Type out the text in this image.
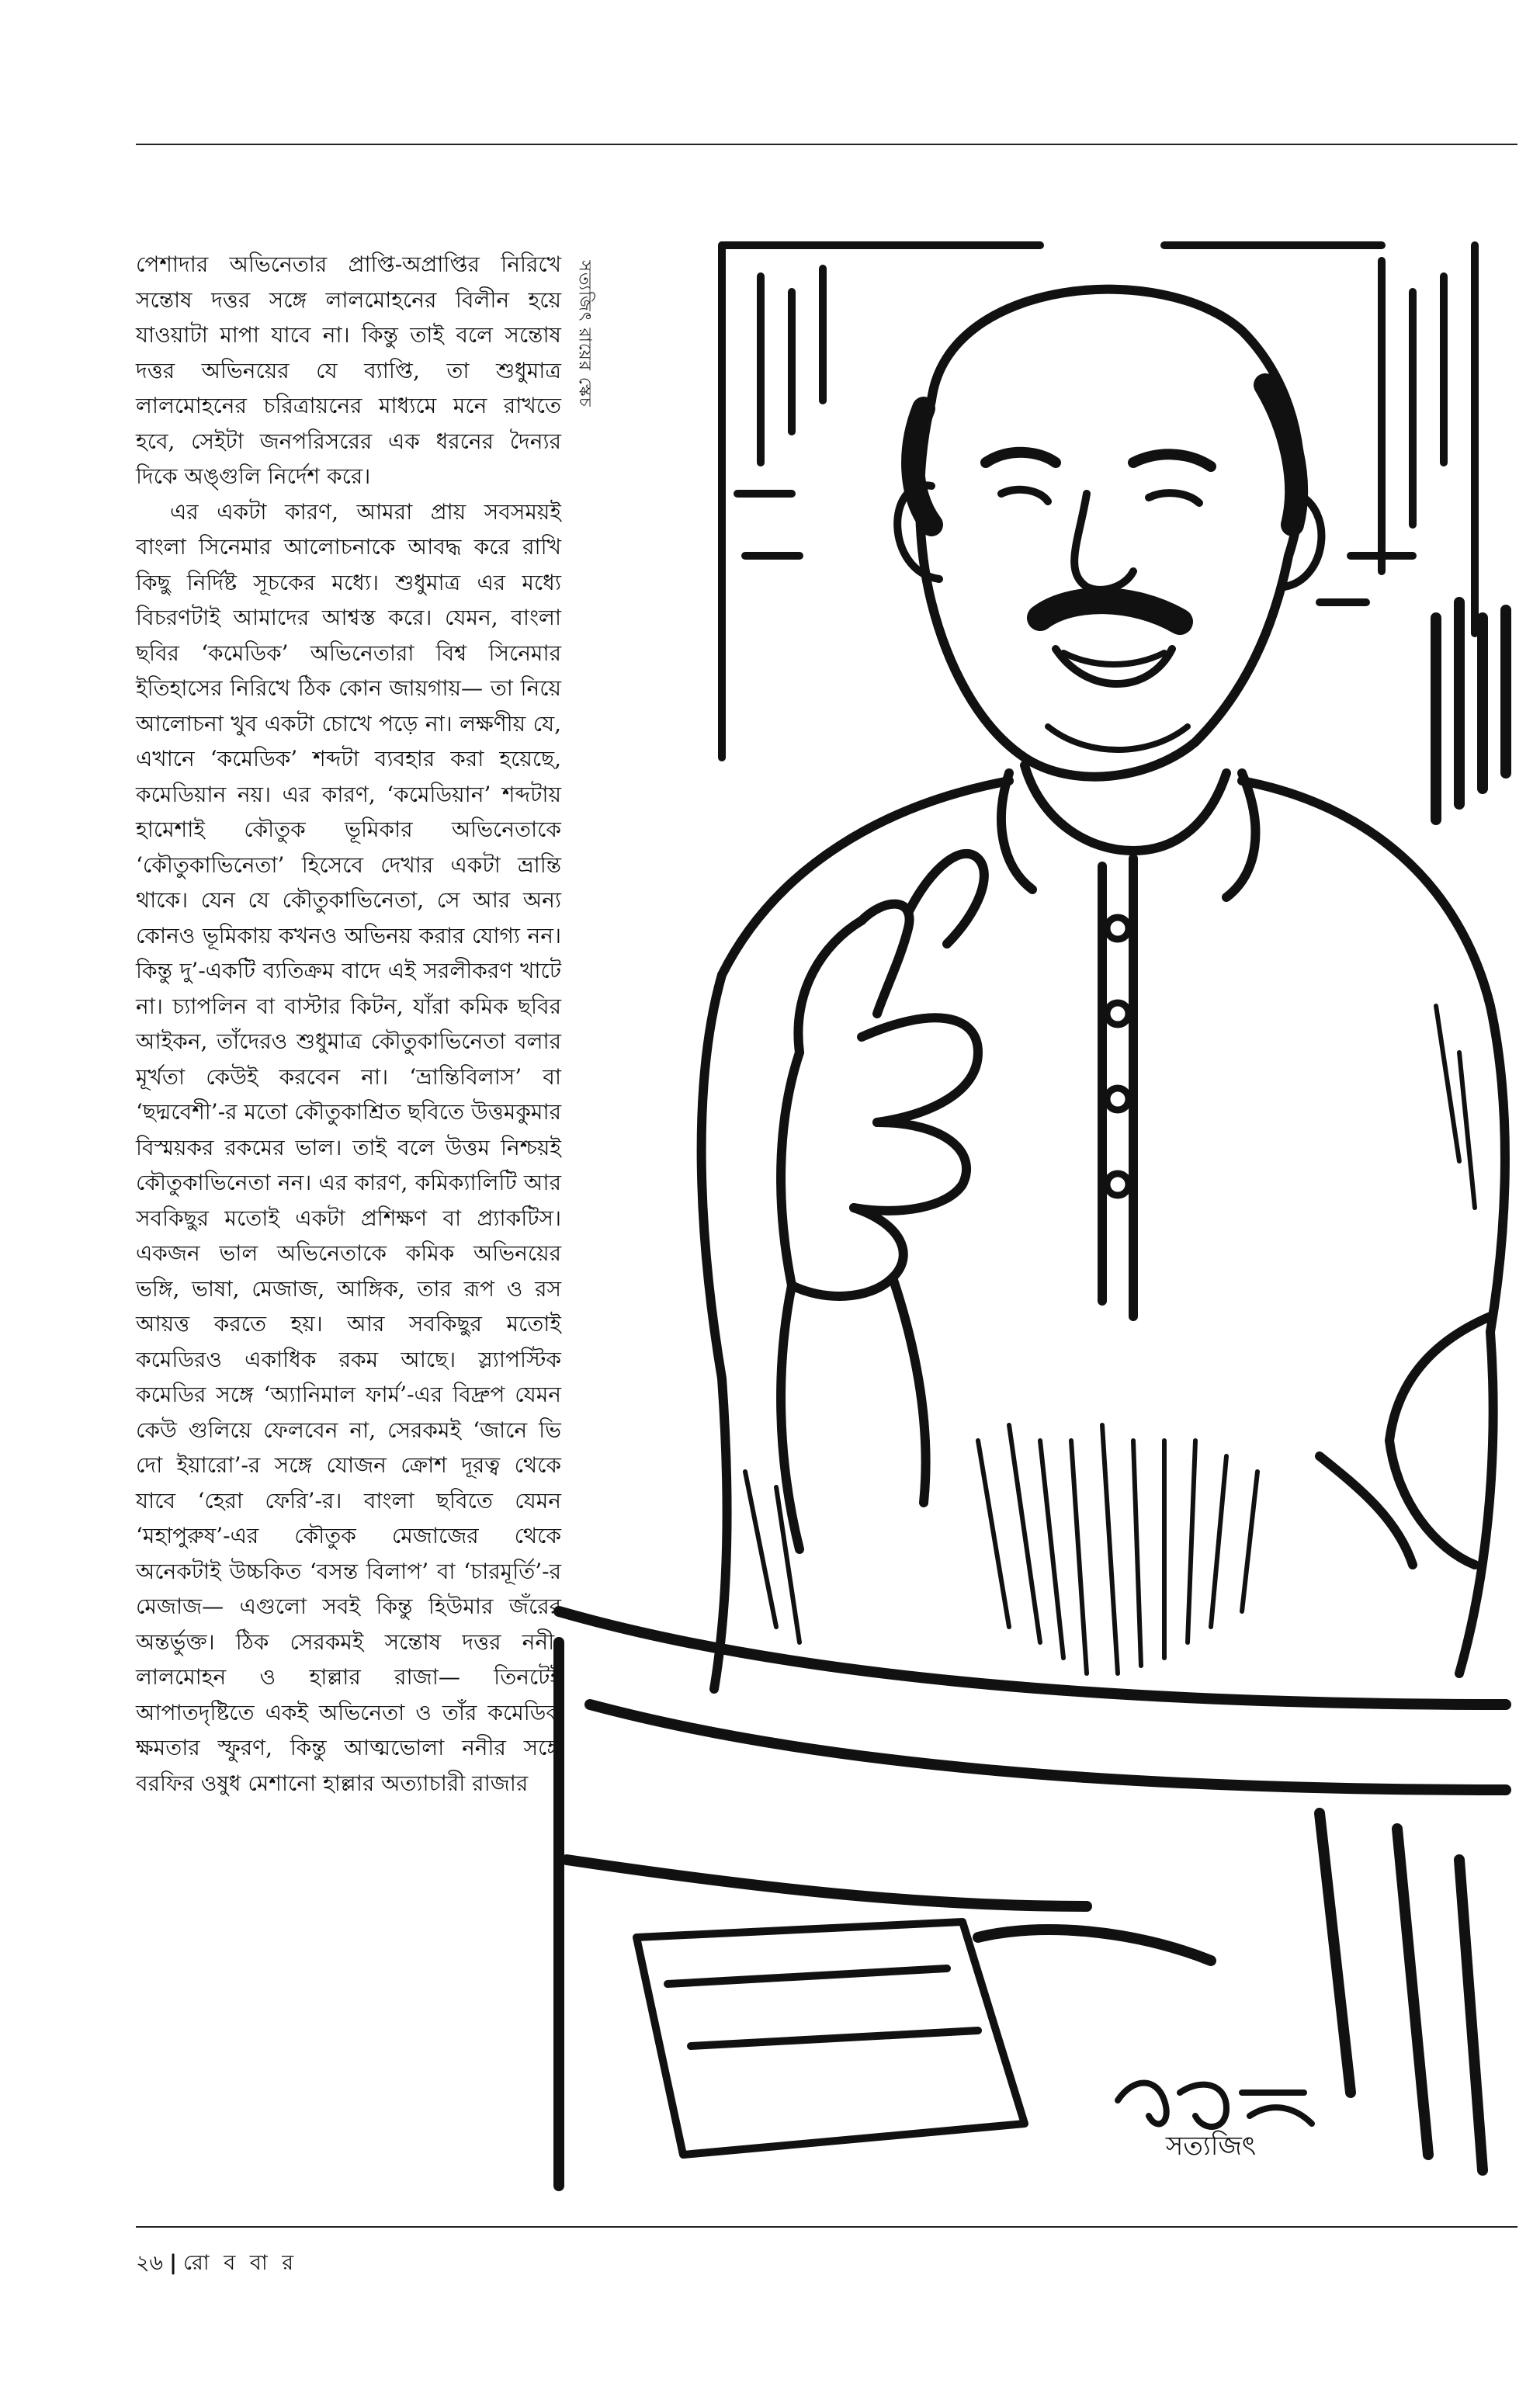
পেশাদার অভিনেতার প্রাপ্তি-অপ্রাপ্তির নিরিখে সন্তোষ দত্তর সঙ্গে লালমোহনের বিলীন হয়ে যাওয়াটা মাপা যাবে না। কিন্তু তাই বলে সন্তোষ দত্তর অভিনয়ের যে ব্যাপ্তি, তা শুধুমাত্র লালমোহনের চরিত্রায়নের মাধ্যমে মনে রাখতে হবে, সেইটা জনপরিসরের এক ধরনের দৈন্যর দিকে অঙ্গুলি নির্দেশ করে।

এর একটা কারণ, আমরা প্রায় সবসময়ই বাংলা সিনেমার আলোচনাকে আবদ্ধ করে রাখি কিছু নির্দিষ্ট সূচকের মধ্যে। শুধুমাত্র এর মধ্যে বিচরণটাই আমাদের আশ্বস্ত করে। যেমন, বাংলা ছবির ‘কমেডিক’ অভিনেতারা বিশ্ব সিনেমার ইতিহাসের নিরিখে ঠিক কোন জায়গায়— তা নিয়ে আলোচনা খুব একটা চোখে পড়ে না। লক্ষণীয় যে, এখানে ‘কমেডিক’ শব্দটা ব্যবহার করা হয়েছে, কমেডিয়ান নয়। এর কারণ, ‘কমেডিয়ান’ শব্দটায় হামেশাই কৌতুক ভূমিকার অভিনেতাকে ‘কৌতুকাভিনেতা’ হিসেবে দেখার একটা ভ্রান্তি থাকে। যেন যে কৌতুকাভিনেতা, সে আর অন্য কোনও ভূমিকায় কখনও অভিনয় করার যোগ্য নন। কিন্তু দু’-একটি ব্যতিক্রম বাদে এই সরলীকরণ খাটে না। চ্যাপলিন বা বাস্টার কিটন, যাঁরা কমিক ছবির আইকন, তাঁদেরও শুধুমাত্র কৌতুকাভিনেতা বলার মূর্খতা কেউই করবেন না। ‘ভ্রান্তিবিলাস’ বা ‘ছদ্মবেশী’-র মতো কৌতুকাশ্রিত ছবিতে উত্তমকুমার বিস্ময়কর রকমের ভাল। তাই বলে উত্তম নিশ্চয়ই কৌতুকাভিনেতা নন। এর কারণ, কমিক্যালিটি আর সবকিছুর মতোই একটা প্রশিক্ষণ বা প্র্যাকটিস। একজন ভাল অভিনেতাকে কমিক অভিনয়ের ভঙ্গি, ভাষা, মেজাজ, আঙ্গিক, তার রূপ ও রস আয়ত্ত করতে হয়। আর সবকিছুর মতোই কমেডিরও একাধিক রকম আছে। স্ল্যাপস্টিক কমেডির সঙ্গে ‘অ্যানিমাল ফার্ম’-এর বিদ্রুপ যেমন কেউ গুলিয়ে ফেলবেন না, সেরকমই ‘জানে ভি দো ইয়ারো’-র সঙ্গে যোজন ক্রোশ দূরত্ব থেকে যাবে ‘হেরা ফেরি’-র। বাংলা ছবিতে যেমন ‘মহাপুরুষ’-এর কৌতুক মেজাজের থেকে অনেকটাই উচ্চকিত ‘বসন্ত বিলাপ’ বা ‘চারমূর্তি’-র মেজাজ— এগুলো সবই কিন্তু হিউমার জঁরের অন্তর্ভুক্ত। ঠিক সেরকমই সন্তোষ দত্তর ননী, লালমোহন ও হাল্লার রাজা— তিনটেই আপাতদৃষ্টিতে একই অভিনেতা ও তাঁর কমেডিক ক্ষমতার স্ফুরণ, কিন্তু আত্মভোলা ননীর সঙ্গে বরফির ওষুধ মেশানো হাল্লার অত্যাচারী রাজার

সত্যজিৎ
সত্যজিৎ রায়ের স্কেচ
২৬ | রো ব বা র
